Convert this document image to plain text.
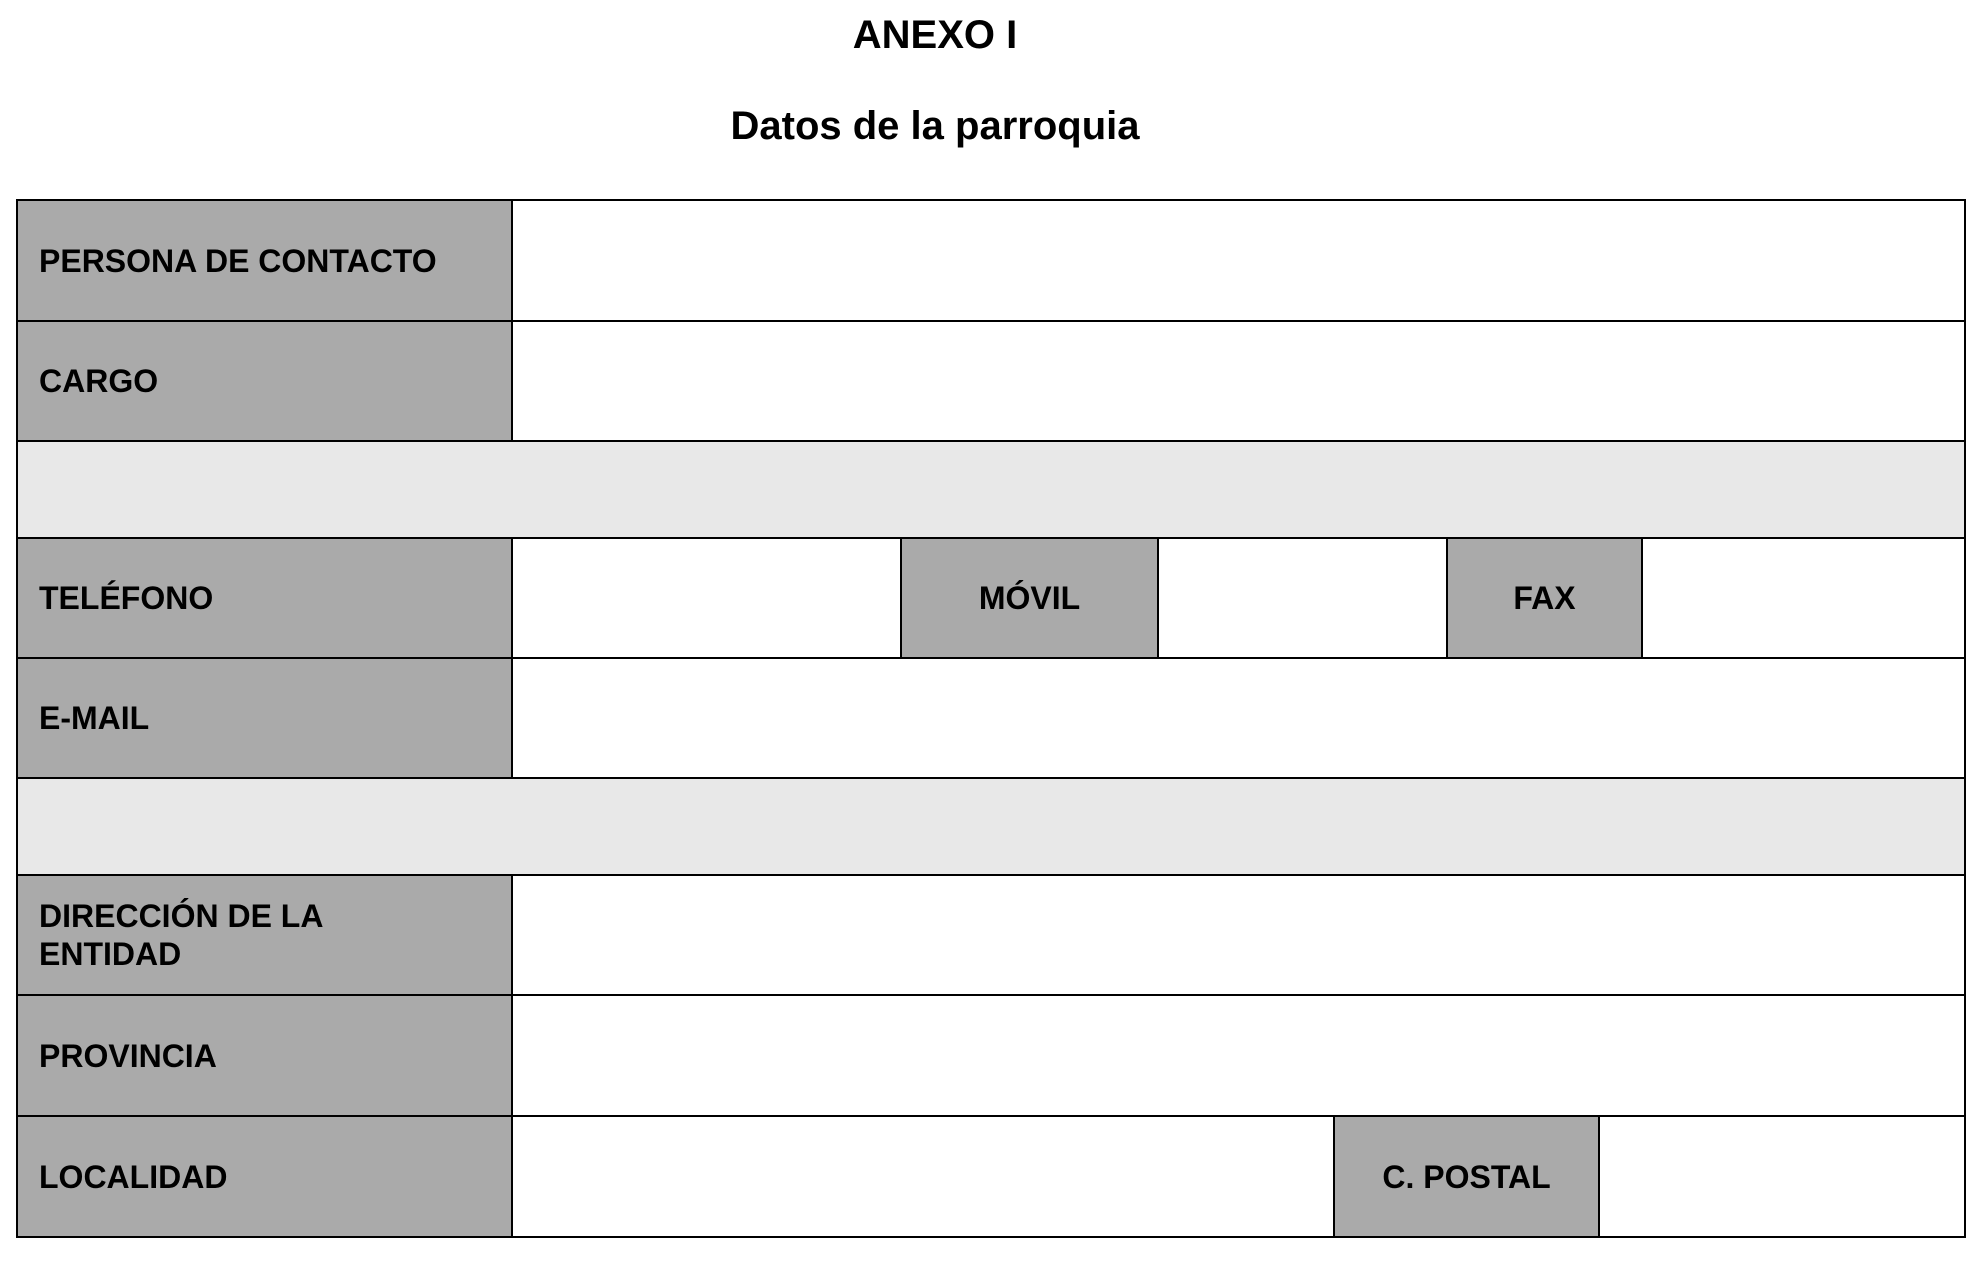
ANEXO I
Datos de la parroquia
PERSONA DE CONTACTO
CARGO
TELÉFONO	MÓVIL	FAX
E-MAIL
DIRECCIÓN DE LA ENTIDAD
PROVINCIA
LOCALIDAD	C. POSTAL
